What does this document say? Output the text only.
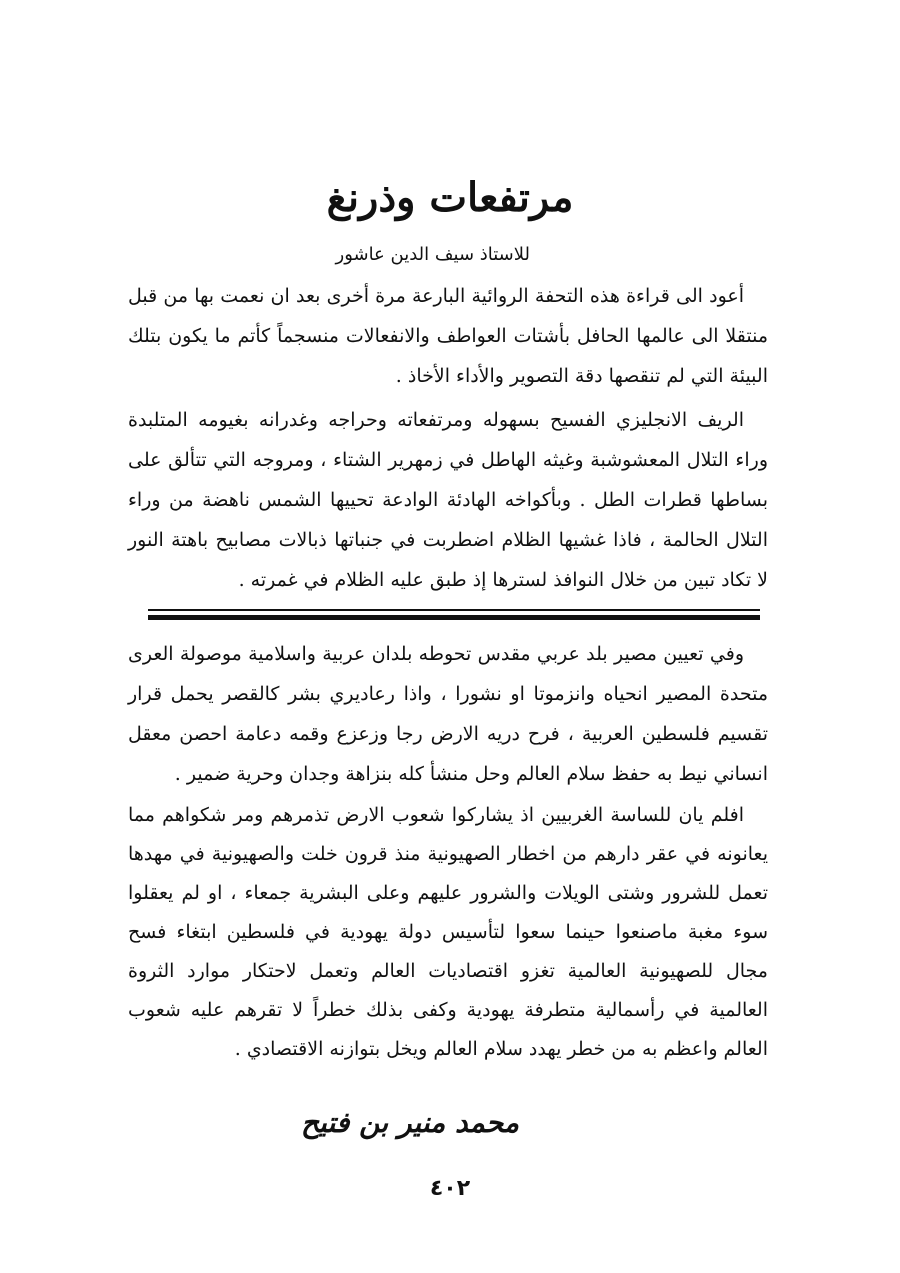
مرتفعات وذرنغ

للاستاذ سيف الدين عاشور

أعود الى قراءة هذه التحفة الروائية البارعة مرة أخرى بعد ان نعمت بها من قبل منتقلا الى عالمها الحافل بأشتات العواطف والانفعالات منسجماً كأتم ما يكون بتلك البيئة التي لم تنقصها دقة التصوير والأداء الأخاذ .

الريف الانجليزي الفسيح بسهوله ومرتفعاته وحراجه وغدرانه بغيومه المتلبدة وراء التلال المعشوشبة وغيثه الهاطل في زمهرير الشتاء ، ومروجه التي تتألق على بساطها قطرات الطل . وبأكواخه الهادئة الوادعة تحييها الشمس ناهضة من وراء التلال الحالمة ، فاذا غشيها الظلام اضطربت في جنباتها ذبالات مصابيح باهتة النور لا تكاد تبين من خلال النوافذ لسترها إذ طبق عليه الظلام في غمرته .

وفي تعيين مصير بلد عربي مقدس تحوطه بلدان عربية واسلامية موصولة العرى متحدة المصير انحياه وانزموتا او نشورا ، واذا رعاديري بشر كالقصر يحمل قرار تقسيم فلسطين العربية ، فرح دريه الارض رجا وزعزع وقمه دعامة احصن معقل انساني نيط به حفظ سلام العالم وحل منشأ كله بنزاهة وجدان وحرية ضمير .

افلم يان للساسة الغربيين اذ يشاركوا شعوب الارض تذمرهم ومر شكواهم مما يعانونه في عقر دارهم من اخطار الصهيونية منذ قرون خلت والصهيونية في مهدها تعمل للشرور وشتى الويلات والشرور عليهم وعلى البشرية جمعاء ، او لم يعقلوا سوء مغبة ماصنعوا حينما سعوا لتأسيس دولة يهودية في فلسطين ابتغاء فسح مجال للصهيونية العالمية تغزو اقتصاديات العالم وتعمل لاحتكار موارد الثروة العالمية في رأسمالية متطرفة يهودية وكفى بذلك خطراً لا تقرهم عليه شعوب العالم واعظم به من خطر يهدد سلام العالم ويخل بتوازنه الاقتصادي .

محمد منير بن فتيح

٤٠٢
